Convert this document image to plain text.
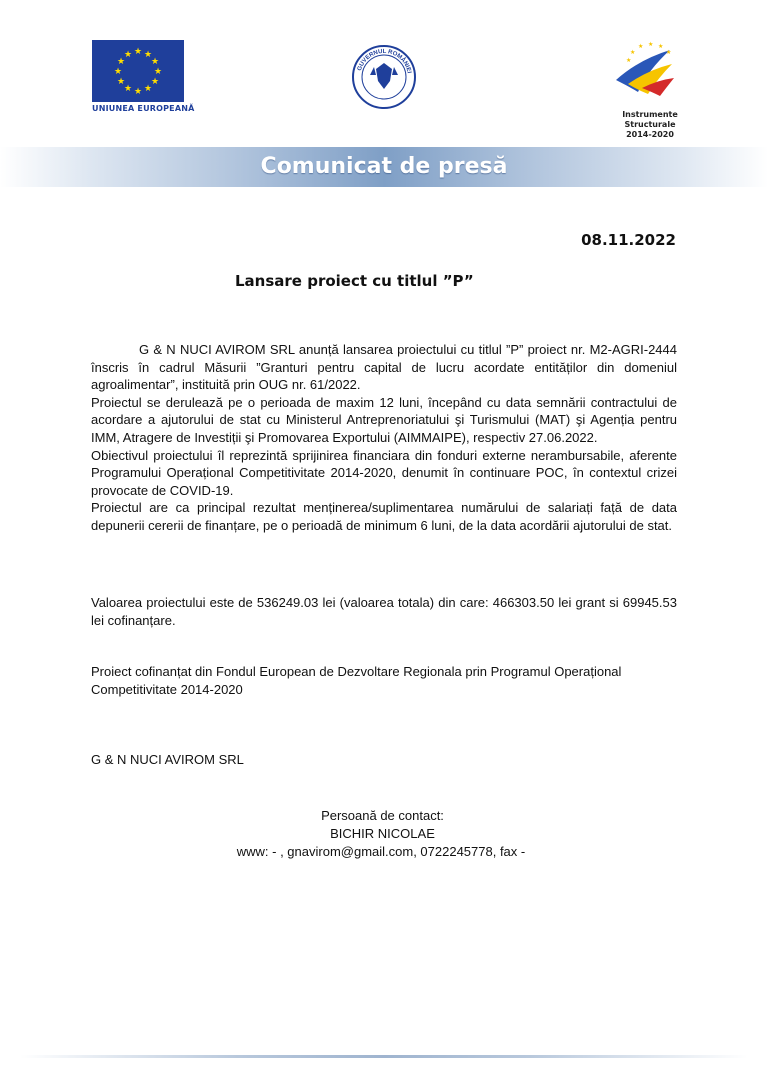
★ ★
★
★
★
★
★
★
★
★
★
★
UNIUNEA EUROPEANĂ
GUVERNUL ROMÂNIEI
★ ★ ★
★	★
★
Instrumente Structurale
2014-2020
Comunicat de presă
08.11.2022
Lansare proiect cu titlul ”P”

G & N NUCI AVIROM SRL anunță lansarea proiectului cu titlul ”P” proiect nr. M2-AGRI-2444 înscris în cadrul Măsurii ”Granturi pentru capital de lucru acordate entităților din domeniul agroalimentar”, instituită prin OUG nr. 61/2022.

Proiectul se derulează pe o perioada de maxim 12 luni, începând cu data semnării contractului de acordare a ajutorului de stat cu Ministerul Antreprenoriatului şi Turismului (MAT) şi Agenția pentru IMM, Atragere de Investiții şi Promovarea Exportului (AIMMAIPE), respectiv 27.06.2022.

Obiectivul proiectului îl reprezintă sprijinirea financiara din fonduri externe nerambursabile, aferente Programului Operațional Competitivitate 2014-2020, denumit în continuare POC, în contextul crizei provocate de COVID-19.

Proiectul are ca principal rezultat menținerea/suplimentarea numărului de salariați față de data depunerii cererii de finanțare, pe o perioadă de minimum 6 luni, de la data acordării ajutorului de stat.

Valoarea proiectului este de 536249.03 lei (valoarea totala) din care: 466303.50 lei grant si 69945.53 lei cofinanțare.
Proiect cofinanțat din Fondul European de Dezvoltare Regionala prin Programul Operațional Competitivitate 2014-2020
G & N NUCI AVIROM SRL
Persoană de contact:
BICHIR NICOLAE
www: - , gnavirom@gmail.com, 0722245778, fax -
